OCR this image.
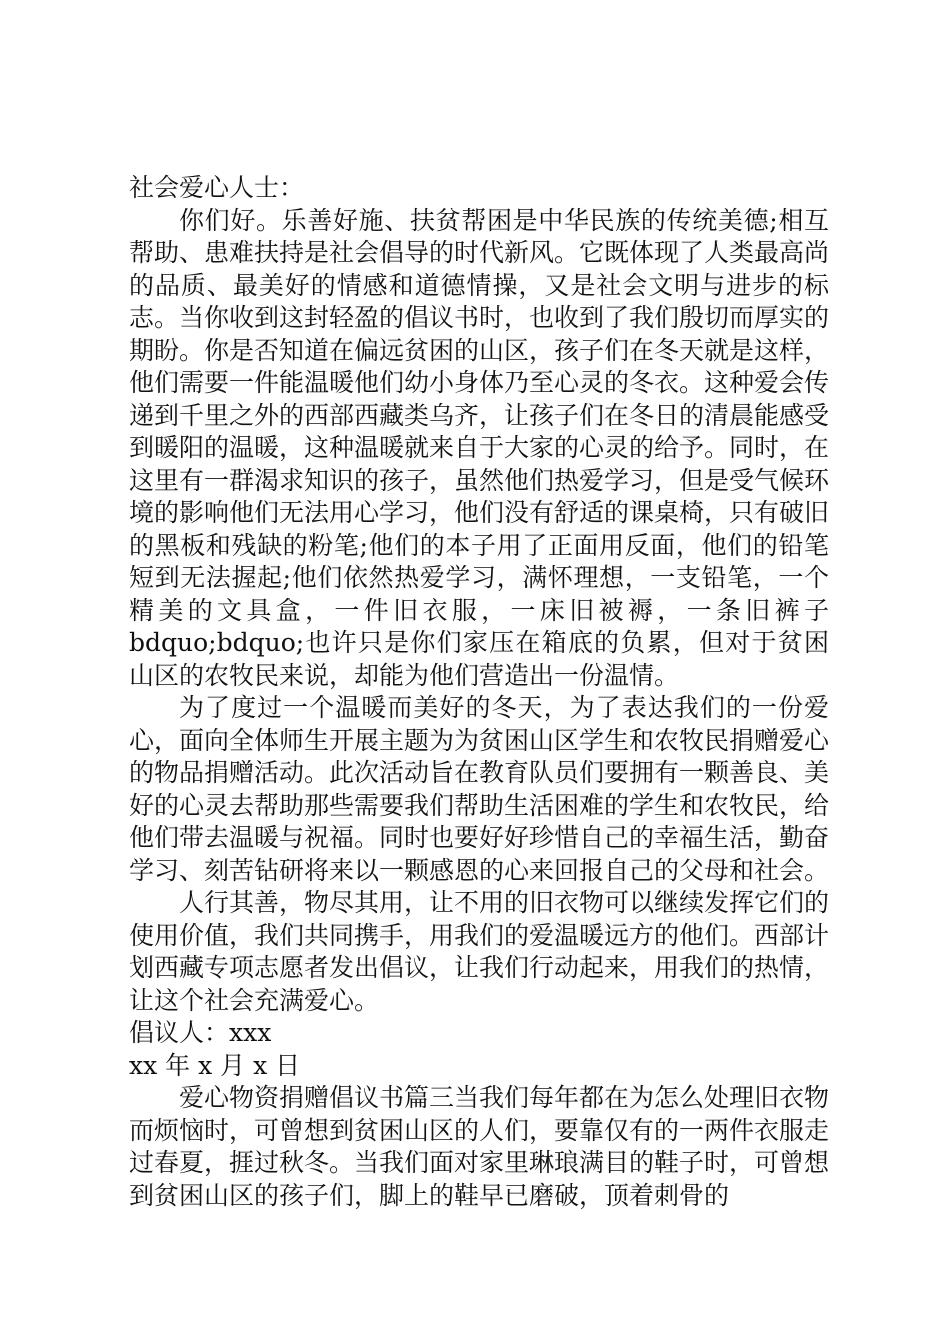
社会爱心人士：

你们好。乐善好施、扶贫帮困是中华民族的传统美德;相互帮助、患难扶持是社会倡导的时代新风。它既体现了人类最高尚的品质、最美好的情感和道德情操，又是社会文明与进步的标志。当你收到这封轻盈的倡议书时，也收到了我们殷切而厚实的期盼。你是否知道在偏远贫困的山区，孩子们在冬天就是这样，他们需要一件能温暖他们幼小身体乃至心灵的冬衣。这种爱会传递到千里之外的西部西藏类乌齐，让孩子们在冬日的清晨能感受到暖阳的温暖，这种温暖就来自于大家的心灵的给予。同时，在这里有一群渴求知识的孩子，虽然他们热爱学习，但是受气候环境的影响他们无法用心学习，他们没有舒适的课桌椅，只有破旧的黑板和残缺的粉笔;他们的本子用了正面用反面，他们的铅笔短到无法握起;他们依然热爱学习，满怀理想，一支铅笔，一个精美的文具盒，一件旧衣服，一床旧被褥，一条旧裤子bdquo;bdquo;也许只是你们家压在箱底的负累，但对于贫困山区的农牧民来说，却能为他们营造出一份温情。

为了度过一个温暖而美好的冬天，为了表达我们的一份爱心，面向全体师生开展主题为为贫困山区学生和农牧民捐赠爱心的物品捐赠活动。此次活动旨在教育队员们要拥有一颗善良、美好的心灵去帮助那些需要我们帮助生活困难的学生和农牧民，给他们带去温暖与祝福。同时也要好好珍惜自己的幸福生活，勤奋学习、刻苦钻研将来以一颗感恩的心来回报自己的父母和社会。

人行其善，物尽其用，让不用的旧衣物可以继续发挥它们的使用价值，我们共同携手，用我们的爱温暖远方的他们。西部计划西藏专项志愿者发出倡议，让我们行动起来，用我们的热情，让这个社会充满爱心。

倡议人：xxx

xx 年 x 月 x 日

爱心物资捐赠倡议书篇三当我们每年都在为怎么处理旧衣物而烦恼时，可曾想到贫困山区的人们，要靠仅有的一两件衣服走过春夏，捱过秋冬。当我们面对家里琳琅满目的鞋子时，可曾想到贫困山区的孩子们，脚上的鞋早已磨破，顶着刺骨的
